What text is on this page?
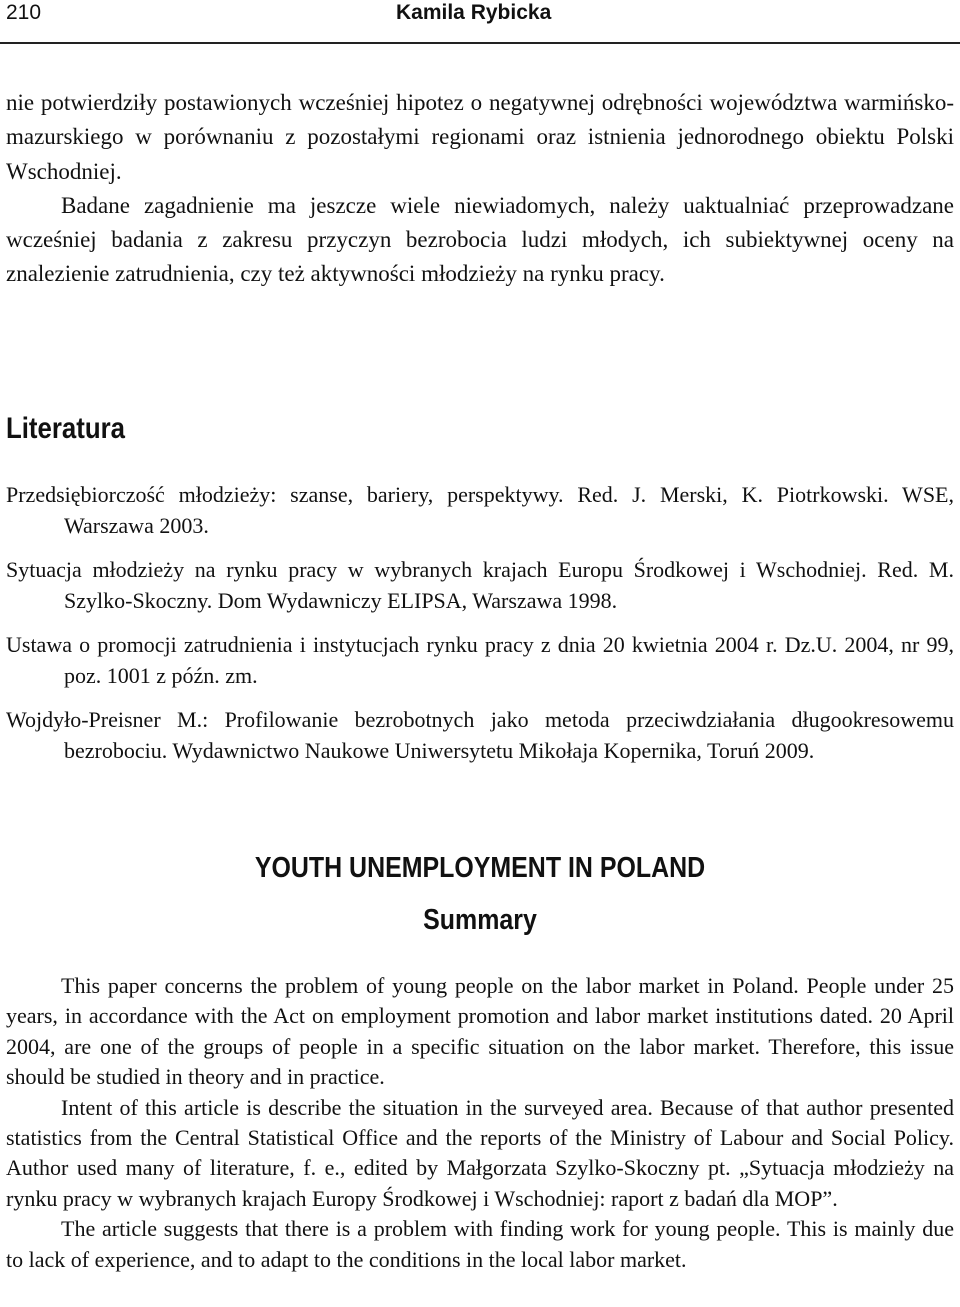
210	Kamila Rybicka

nie potwierdziły postawionych wcześniej hipotez o negatywnej odrębności województwa warmińsko-mazurskiego w porównaniu z pozostałymi regionami oraz istnienia jednorodnego obiektu Polski Wschodniej.

Badane zagadnienie ma jeszcze wiele niewiadomych, należy uaktualniać przeprowadzane wcześniej badania z zakresu przyczyn bezrobocia ludzi młodych, ich subiektywnej oceny na znalezienie zatrudnienia, czy też aktywności młodzieży na rynku pracy.

Literatura
Przedsiębiorczość młodzieży: szanse, bariery, perspektywy. Red. J. Merski, K. Piotrkowski. WSE, Warszawa 2003.
Sytuacja młodzieży na rynku pracy w wybranych krajach Europu Środkowej i Wschodniej. Red. M. Szylko-Skoczny. Dom Wydawniczy ELIPSA, Warszawa 1998.
Ustawa o promocji zatrudnienia i instytucjach rynku pracy z dnia 20 kwietnia 2004 r. Dz.U. 2004, nr 99, poz. 1001 z późn. zm.
Wojdyło-Preisner M.: Profilowanie bezrobotnych jako metoda przeciwdziałania długookresowemu bezrobociu. Wydawnictwo Naukowe Uniwersytetu Mikołaja Kopernika, Toruń 2009.
YOUTH UNEMPLOYMENT IN POLAND
Summary

This paper concerns the problem of young people on the labor market in Poland. People under 25 years, in accordance with the Act on employment promotion and labor market institutions dated. 20 April 2004, are one of the groups of people in a specific situation on the labor market. Therefore, this issue should be studied in theory and in practice.

Intent of this article is describe the situation in the surveyed area. Because of that author presented statistics from the Central Statistical Office and the reports of the Ministry of Labour and Social Policy. Author used many of literature, f. e., edited by Małgorzata Szylko-Skoczny pt. „Sytuacja młodzieży na rynku pracy w wybranych krajach Europy Środkowej i Wschodniej: raport z badań dla MOP”.

The article suggests that there is a problem with finding work for young people. This is mainly due to lack of experience, and to adapt to the conditions in the local labor market.
